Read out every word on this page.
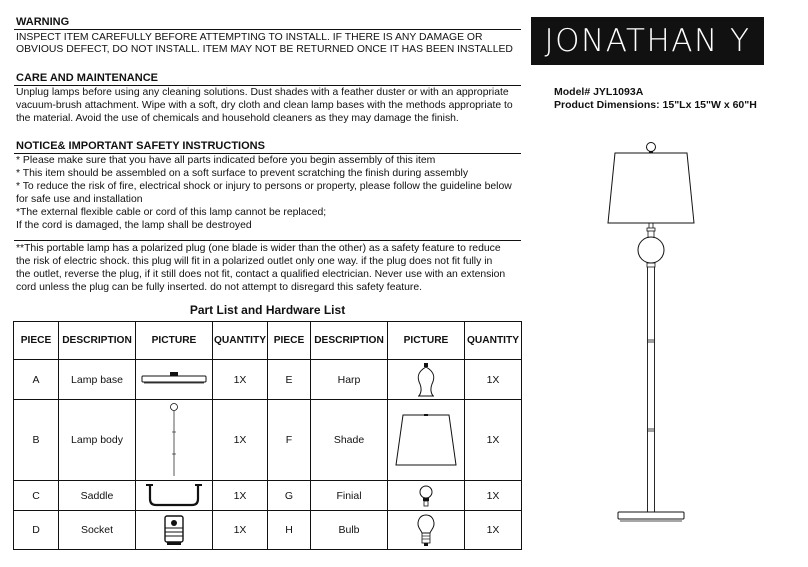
WARNING
INSPECT ITEM CAREFULLY BEFORE ATTEMPTING TO INSTALL. IF THERE IS ANY DAMAGE OR
OBVIOUS DEFECT, DO NOT INSTALL. ITEM MAY NOT BE RETURNED ONCE IT HAS BEEN INSTALLED	JONATHAN Y
Model# JYL1093A
Product Dimensions: 15"Lx 15"W x 60"H
CARE AND MAINTENANCE
Unplug lamps before using any cleaning solutions. Dust shades with a feather duster or with an appropriate
vacuum-brush attachment. Wipe with a soft, dry cloth and clean lamp bases with the methods appropriate to
the material. Avoid the use of chemicals and household cleaners as they may damage the finish.
NOTICE& IMPORTANT SAFETY INSTRUCTIONS
* Please make sure that you have all parts indicated before you begin assembly of this item
* This item should be assembled on a soft surface to prevent scratching the finish during assembly
* To reduce the risk of fire, electrical shock or injury to persons or property, please follow the guideline below
for safe use and installation
*The external flexible cable or cord of this lamp cannot be replaced;
If the cord is damaged, the lamp shall be destroyed
**This portable lamp has a polarized plug (one blade is wider than the other) as a safety feature to reduce
the risk of electric shock. this plug will fit in a polarized outlet only one way. if the plug does not fit fully in
the outlet, reverse the plug, if it still does not fit, contact a qualified electrician. Never use with an extension
cord unless the plug can be fully inserted. do not attempt to disregard this safety feature.
Part List and Hardware List
PIECE	DESCRIPTION	PICTURE	QUANTITY	PIECE	DESCRIPTION	PICTURE	QUANTITY
A	Lamp base		1X	E	Harp		1X
B	Lamp body		1X	F	Shade		1X
C	Saddle		1X	G	Finial		1X
D	Socket		1X	H	Bulb		1X
